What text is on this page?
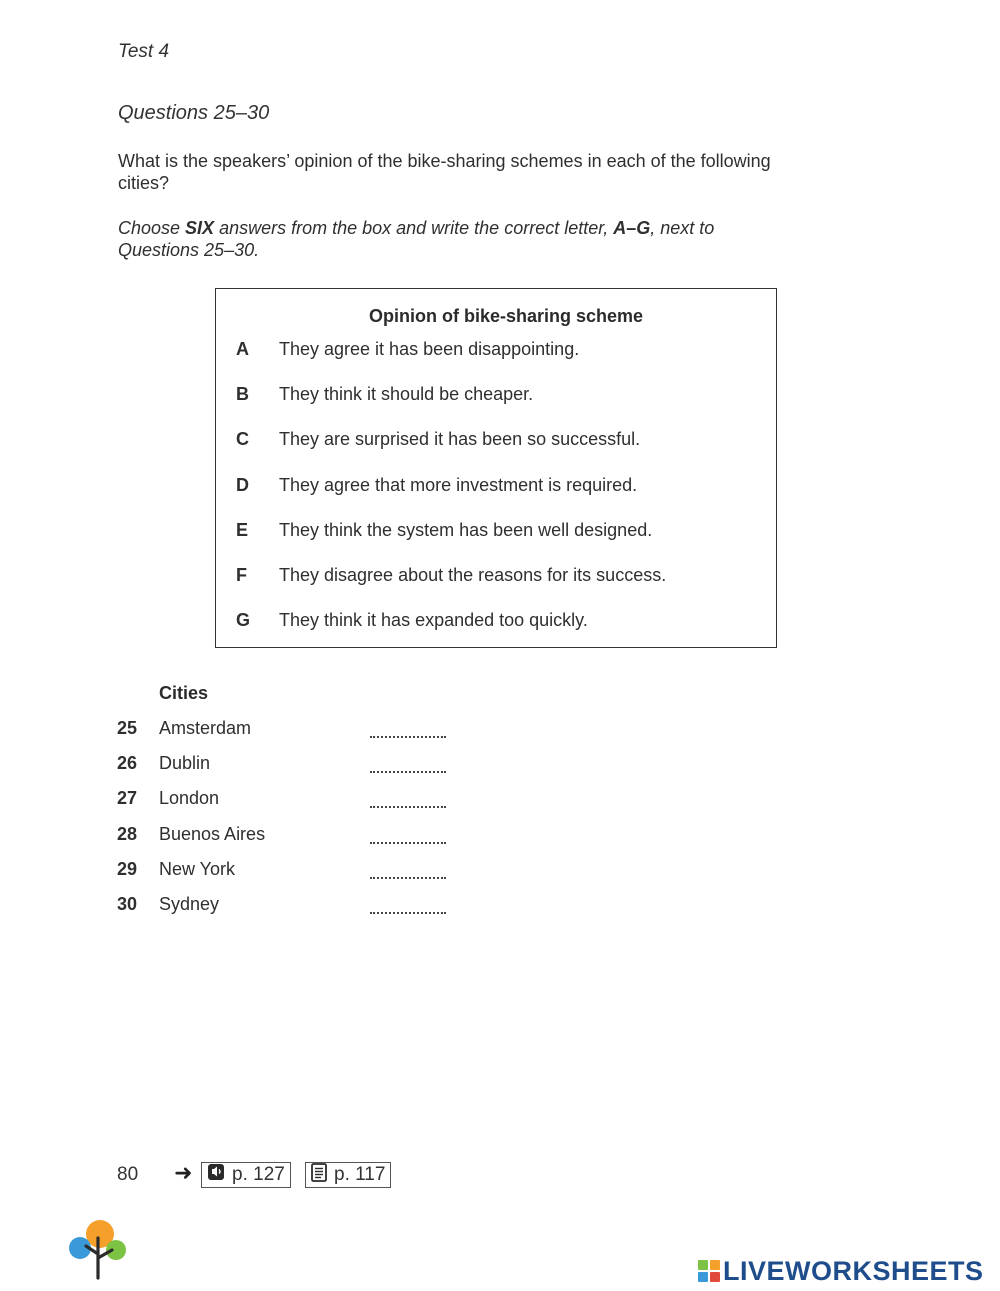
Test 4
Questions 25–30
What is the speakers’ opinion of the bike-sharing schemes in each of the following cities?
Choose SIX answers from the box and write the correct letter, A–G, next to Questions 25–30.
Opinion of bike-sharing scheme
A	They agree it has been disappointing.
B	They think it should be cheaper.
C	They are surprised it has been so successful.
D	They agree that more investment is required.
E	They think the system has been well designed.
F	They disagree about the reasons for its success.
G	They think it has expanded too quickly.
Cities
25 Amsterdam
26 Dublin
27 London
28 Buenos Aires
29 New York
30 Sydney
80 ➜ p. 127	p. 117
LIVEWORKSHEETS
